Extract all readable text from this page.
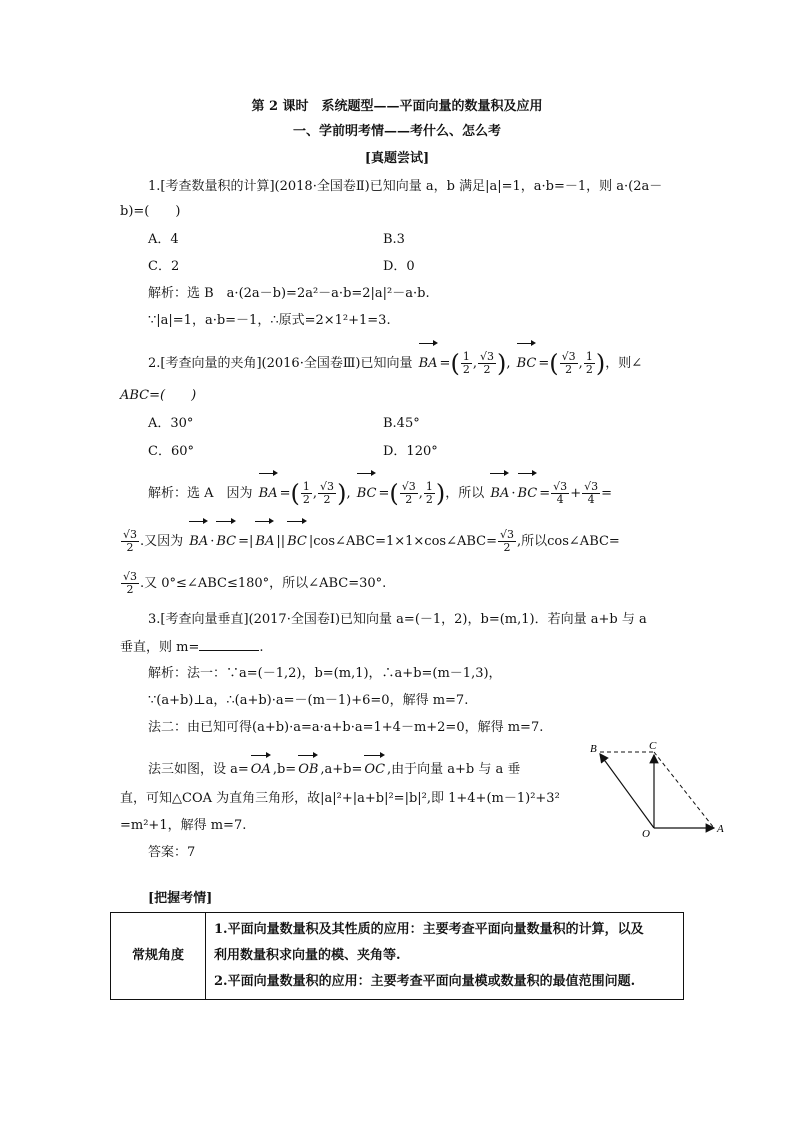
第 2 课时　系统题型——平面向量的数量积及应用
一、学前明考情——考什么、怎么考
[真题尝试]
1.[考查数量积的计算](2018·全国卷Ⅱ)已知向量 a，b 满足|a|=1，a·b=－1，则 a·(2a－
b)=(　　)
A．4	B.3
C．2	D．0
解析：选 B　a·(2a－b)=2a²－a·b=2|a|²－a·b.
∵|a|=1，a·b=－1，∴原式=2×1²+1=3.
2.[考查向量的夹角](2016·全国卷Ⅲ)已知向量 BA =( $\frac{1}{2}$ , $\frac{√3}{2}$ ), BC =( $\frac{√3}{2}$ , $\frac{1}{2}$ )，则∠
ABC=(　　)
A．30°	B.45°
C．60°	D．120°
解析：选 A　因为 BA =( $\frac{1}{2}$ , $\frac{√3}{2}$ ), BC =( $\frac{√3}{2}$ , $\frac{1}{2}$ )，所以 BA · BC = $\frac{√3}{4} + \frac{√3}{4}$ =
$\frac{√3}{2}$ .又因为 BA · BC =| BA || BC |cos∠ABC=1×1×cos∠ABC= $\frac{√3}{2}$ ,所以cos∠ABC=
$\frac{√3}{2}$ .又 0°≤∠ABC≤180°，所以∠ABC=30°.
3.[考查向量垂直](2017·全国卷Ⅰ)已知向量 a=(－1，2)，b=(m,1)．若向量 a+b 与 a
垂直，则 m=	.
解析：法一：∵a=(－1,2)，b=(m,1)，∴a+b=(m－1,3)，
∵(a+b)⊥a，∴(a+b)·a=－(m－1)+6=0，解得 m=7.
法二：由已知可得(a+b)·a=a·a+b·a=1+4－m+2=0，解得 m=7.
法三如图，设 a= OA ,b= OB ,a+b= OC ,由于向量 a+b 与 a 垂
直，可知△COA 为直角三角形，故|a|²+|a+b|²=|b|²,即 1+4+(m－1)²+3²
=m²+1，解得 m=7.
答案：7
B	C
O	A
[把握考情]
常规角度	
1.平面向量数量积及其性质的应用：主要考查平面向量数量积的计算，以及
利用数量积求向量的模、夹角等.
2.平面向量数量积的应用：主要考查平面向量模或数量积的最值范围问题.
